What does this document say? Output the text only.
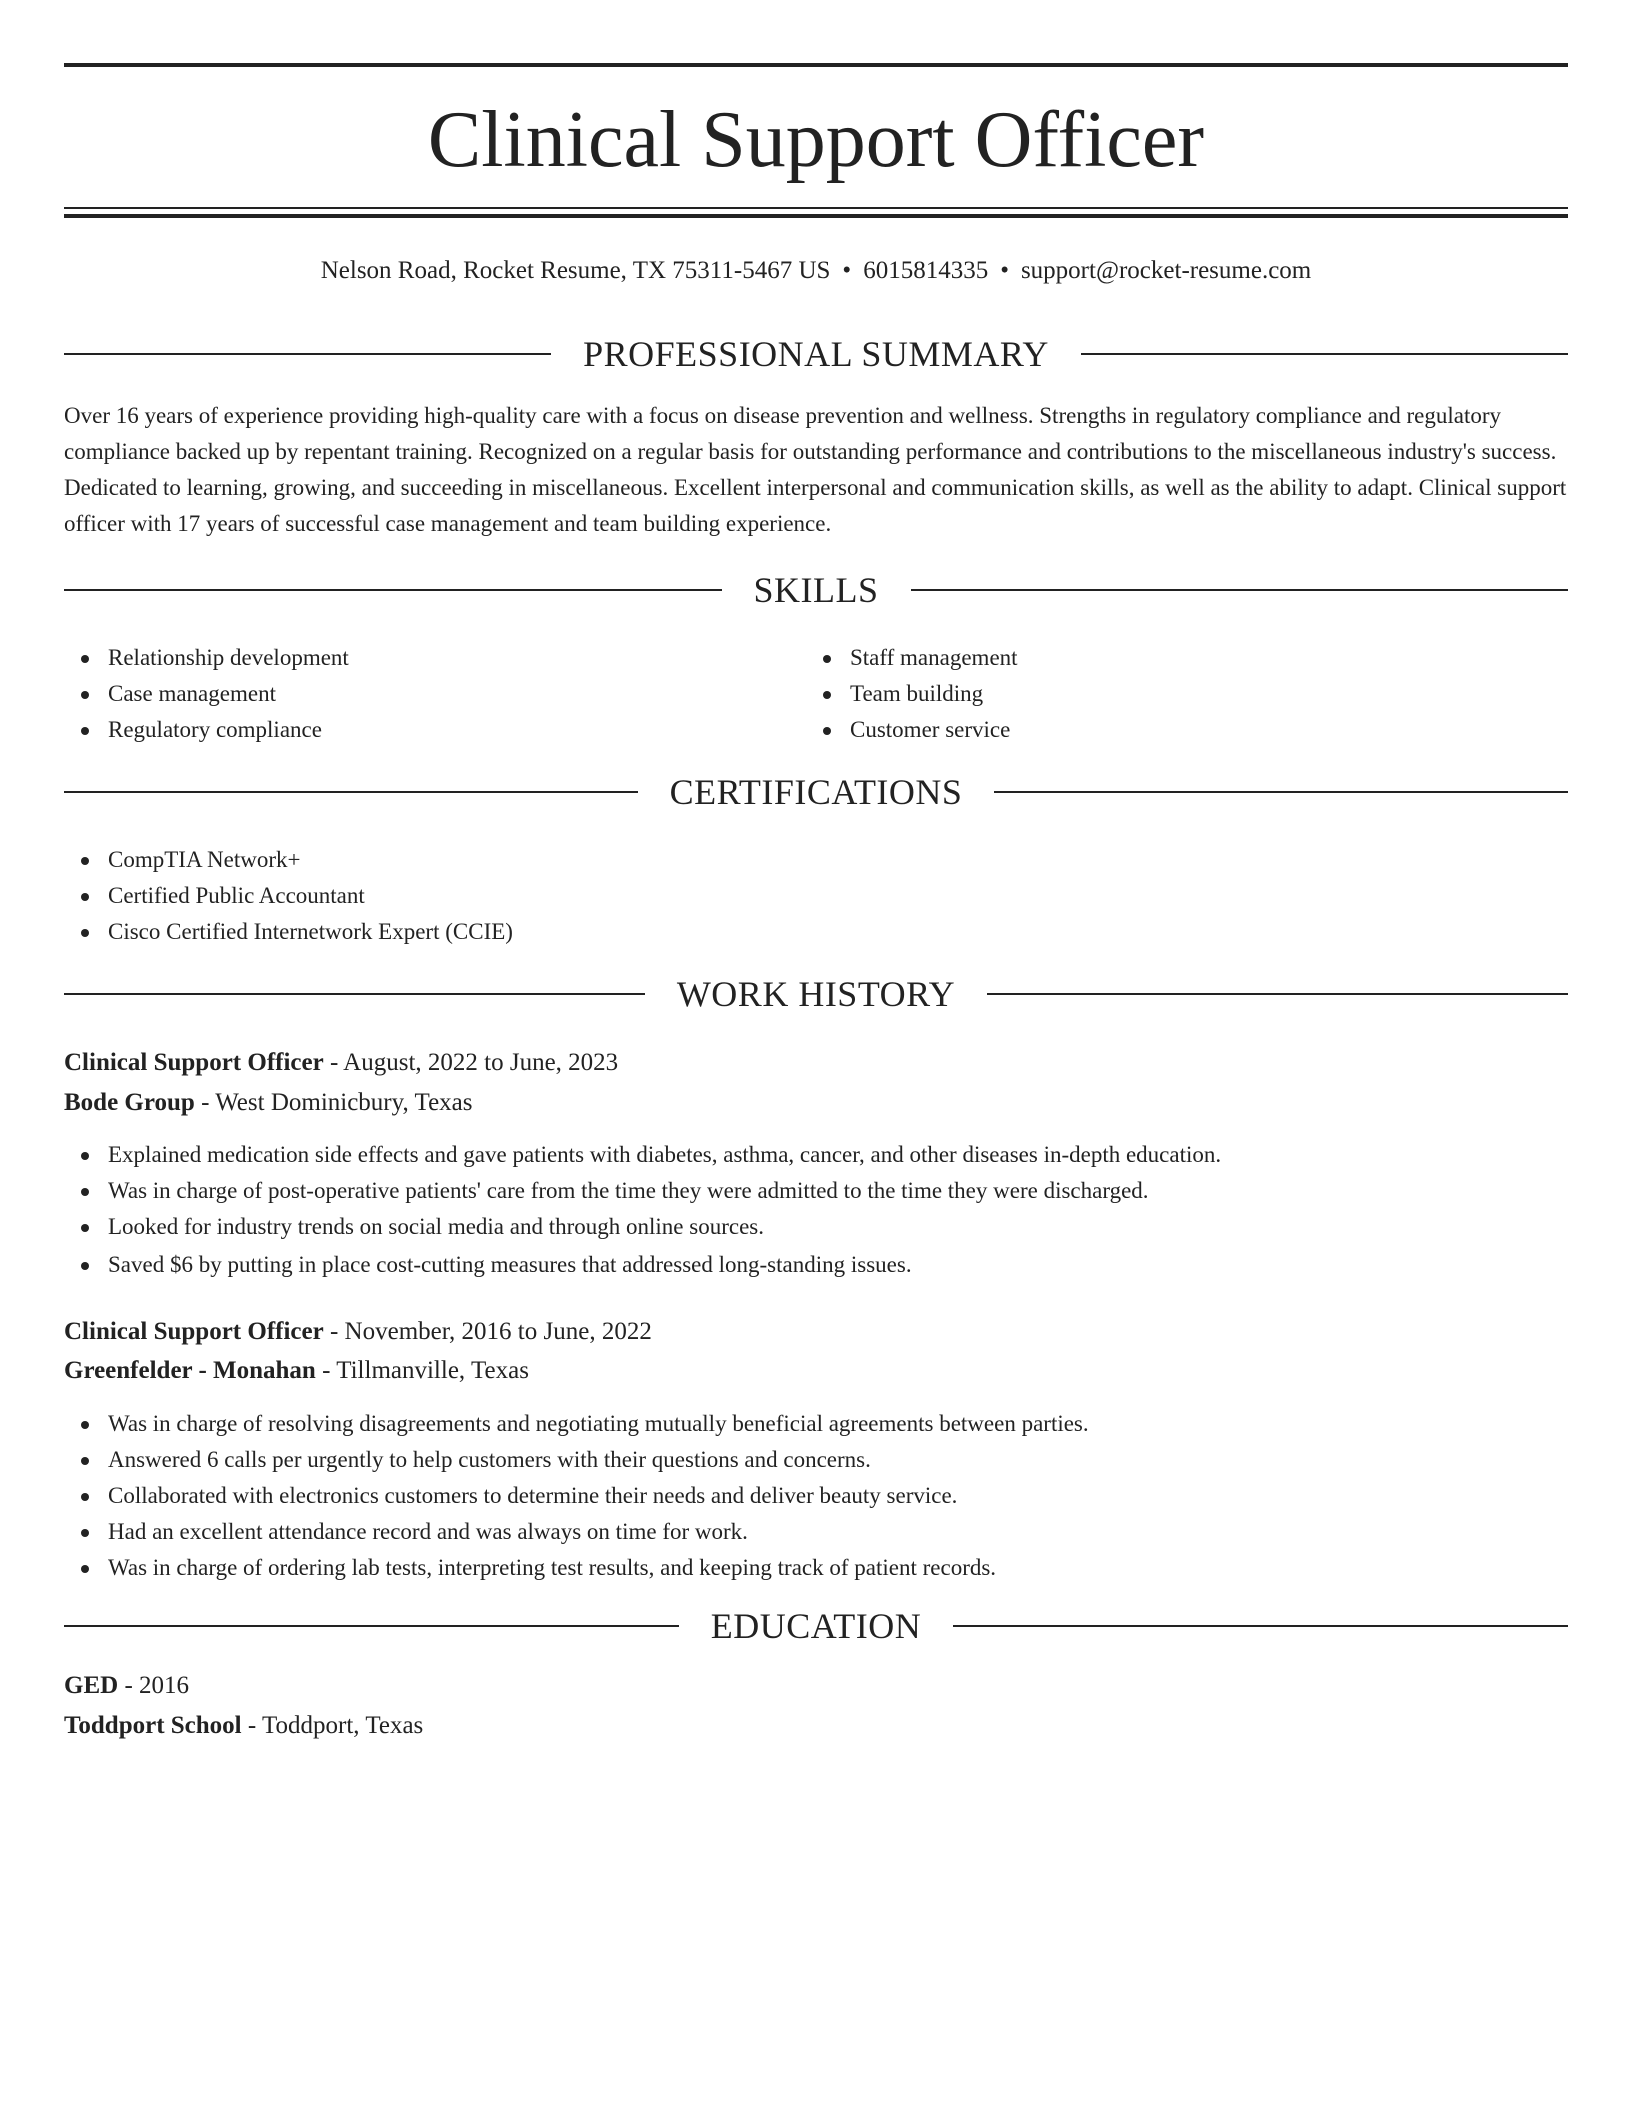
Clinical Support Officer
Nelson Road, Rocket Resume, TX 75311-5467 US • 6015814335 • support@rocket-resume.com
PROFESSIONAL SUMMARY
Over 16 years of experience providing high-quality care with a focus on disease prevention and wellness. Strengths in regulatory compliance and regulatory compliance backed up by repentant training. Recognized on a regular basis for outstanding performance and contributions to the miscellaneous industry's success. Dedicated to learning, growing, and succeeding in miscellaneous. Excellent interpersonal and communication skills, as well as the ability to adapt. Clinical support officer with 17 years of successful case management and team building experience.
SKILLS
Relationship development
Case management
Regulatory compliance
Staff management
Team building
Customer service
CERTIFICATIONS
CompTIA Network+
Certified Public Accountant
Cisco Certified Internetwork Expert (CCIE)
WORK HISTORY
Clinical Support Officer - August, 2022 to June, 2023
Bode Group - West Dominicbury, Texas
Explained medication side effects and gave patients with diabetes, asthma, cancer, and other diseases in-depth education.
Was in charge of post-operative patients' care from the time they were admitted to the time they were discharged.
Looked for industry trends on social media and through online sources.
Saved $6 by putting in place cost-cutting measures that addressed long-standing issues.
Clinical Support Officer - November, 2016 to June, 2022
Greenfelder - Monahan - Tillmanville, Texas
Was in charge of resolving disagreements and negotiating mutually beneficial agreements between parties.
Answered 6 calls per urgently to help customers with their questions and concerns.
Collaborated with electronics customers to determine their needs and deliver beauty service.
Had an excellent attendance record and was always on time for work.
Was in charge of ordering lab tests, interpreting test results, and keeping track of patient records.
EDUCATION
GED - 2016
Toddport School - Toddport, Texas
